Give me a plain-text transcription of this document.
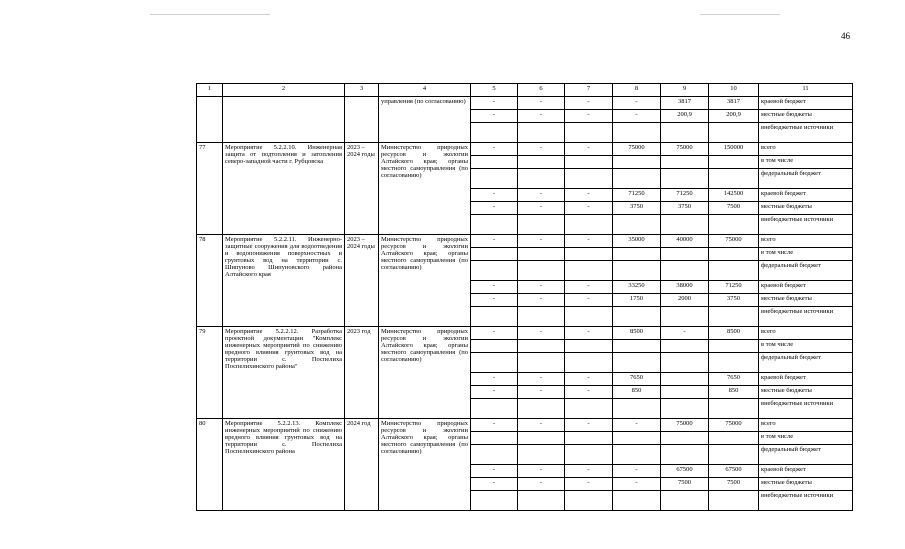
46
1	2	3	4	5	6	7	8	9	10	11
			управления (по согласованию)	-	-	-	-	3817	3817	краевой бюджет
				-	-	-	-	200,9	200,9	местные бюджеты
										внебюджетные источники
77	Мероприятие 5.2.2.10. Инженерная защита от подтопления и затопления северо-западной части г. Рубцовска	2023 – 2024 годы	Министерство природных ресурсов и экологии Алтайского края; органы местного самоуправления (по согласованию)	-	-	-	75000	75000	150000	всего
										в том числе
										федеральный бюджет
				-	-	-	71250	71250	142500	краевой бюджет
				-	-	-	3750	3750	7500	местные бюджеты
										внебюджетные источники
78	Мероприятие 5.2.2.11. Инженерно- защитные сооружения для водоотведения и водопонижения поверхностных и грунтовых вод на территории с. Шипуново Шипуновского района Алтайского края	2023 – 2024 годы	Министерство природных ресурсов и экологии Алтайского края; органы местного самоуправления (по согласованию)	-	-	-	35000	40000	75000	всего
										в том числе
										федеральный бюджет
				-	-	-	33250	38000	71250	краевой бюджет
				-	-	-	1750	2000	3750	местные бюджеты
										внебюджетные источники
79	Мероприятие 5.2.2.12. Разработка проектной документации "Комплекс инженерных мероприятий по снижению вредного влияния грунтовых вод на территории с. Поспелиха Поспелихинского района"	2023 год	Министерство природных ресурсов и экологии Алтайского края; органы местного самоуправления (по согласованию)	-	-	-	8500	-	8500	всего
										в том числе
										федеральный бюджет
				-	-	-	7650		7650	краевой бюджет
				-	-	-	850		850	местные бюджеты
										внебюджетные источники
80	Мероприятие 5.2.2.13. Комплекс инженерных мероприятий по снижению вредного влияния грунтовых вод на территории с. Поспелиха Поспелихинского района	2024 год	Министерство природных ресурсов и экологии Алтайского края; органы местного самоуправления (по согласованию)	-	-	-	-	75000	75000	всего
										в том числе
										федеральный бюджет
				-	-	-	-	67500	67500	краевой бюджет
				-	-	-	-	7500	7500	местные бюджеты
										внебюджетные источники
